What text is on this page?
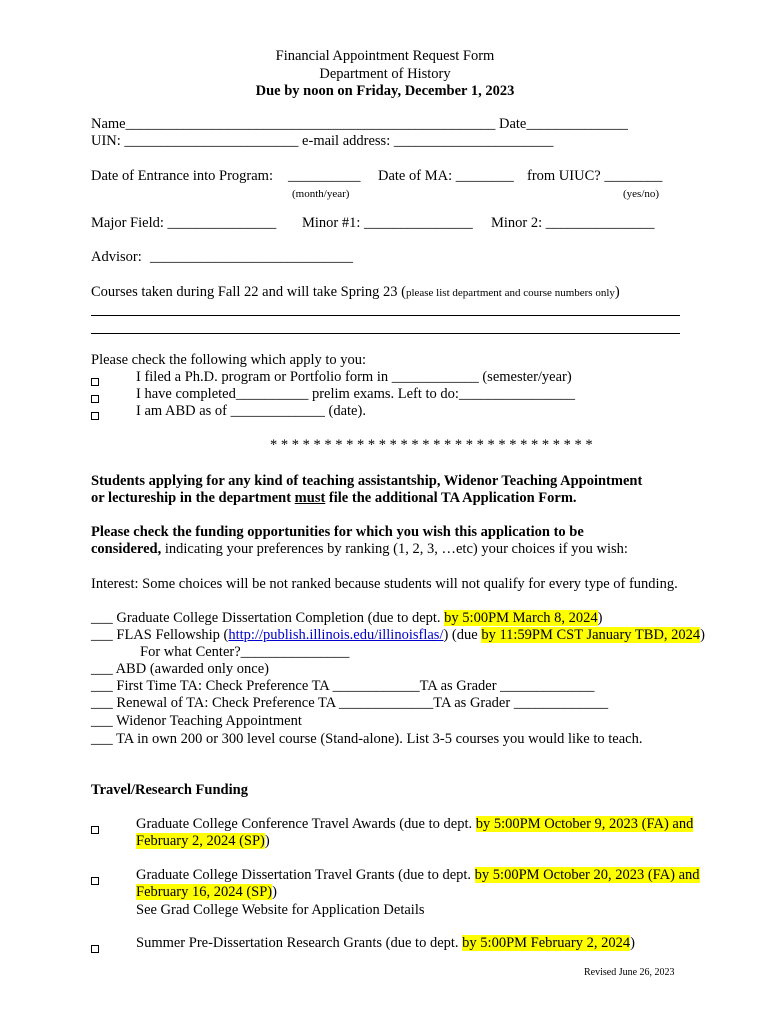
Financial Appointment Request Form
Department of History
Due by noon on Friday, December 1, 2023
Name___________________________________________________ Date______________
UIN: ________________________ e-mail address: ______________________
Date of Entrance into Program: __________ Date of MA: ________ from UIUC? ________
(month/year)	(yes/no)
Major Field: _______________ Minor #1: _______________ Minor 2: _______________
Advisor: ____________________________
Courses taken during Fall 22 and will take Spring 23 (please list department and course numbers only)
Please check the following which apply to you:
I filed a Ph.D. program or Portfolio form in ____________ (semester/year)
I have completed__________ prelim exams. Left to do:________________
I am ABD as of _____________ (date).
* * * * * * * * * * * * * * * * * * * * * * * * * * * * * *
Students applying for any kind of teaching assistantship, Widenor Teaching Appointment
or lectureship in the department must file the additional TA Application Form.
Please check the funding opportunities for which you wish this application to be
considered, indicating your preferences by ranking (1, 2, 3, …etc) your choices if you wish:
Interest: Some choices will be not ranked because students will not qualify for every type of funding.
___ Graduate College Dissertation Completion (due to dept. by 5:00PM March 8, 2024)
___ FLAS Fellowship (http://publish.illinois.edu/illinoisflas/) (due by 11:59PM CST January TBD, 2024)
For what Center?_______________
___ ABD (awarded only once)
___ First Time TA: Check Preference TA ____________TA as Grader _____________
___ Renewal of TA: Check Preference TA _____________TA as Grader _____________
___ Widenor Teaching Appointment
___ TA in own 200 or 300 level course (Stand-alone). List 3-5 courses you would like to teach.
Travel/Research Funding
Graduate College Conference Travel Awards (due to dept. by 5:00PM October 9, 2023 (FA) and
February 2, 2024 (SP))
Graduate College Dissertation Travel Grants (due to dept. by 5:00PM October 20, 2023 (FA) and
February 16, 2024 (SP))
See Grad College Website for Application Details
Summer Pre-Dissertation Research Grants (due to dept. by 5:00PM February 2, 2024)
Revised June 26, 2023
